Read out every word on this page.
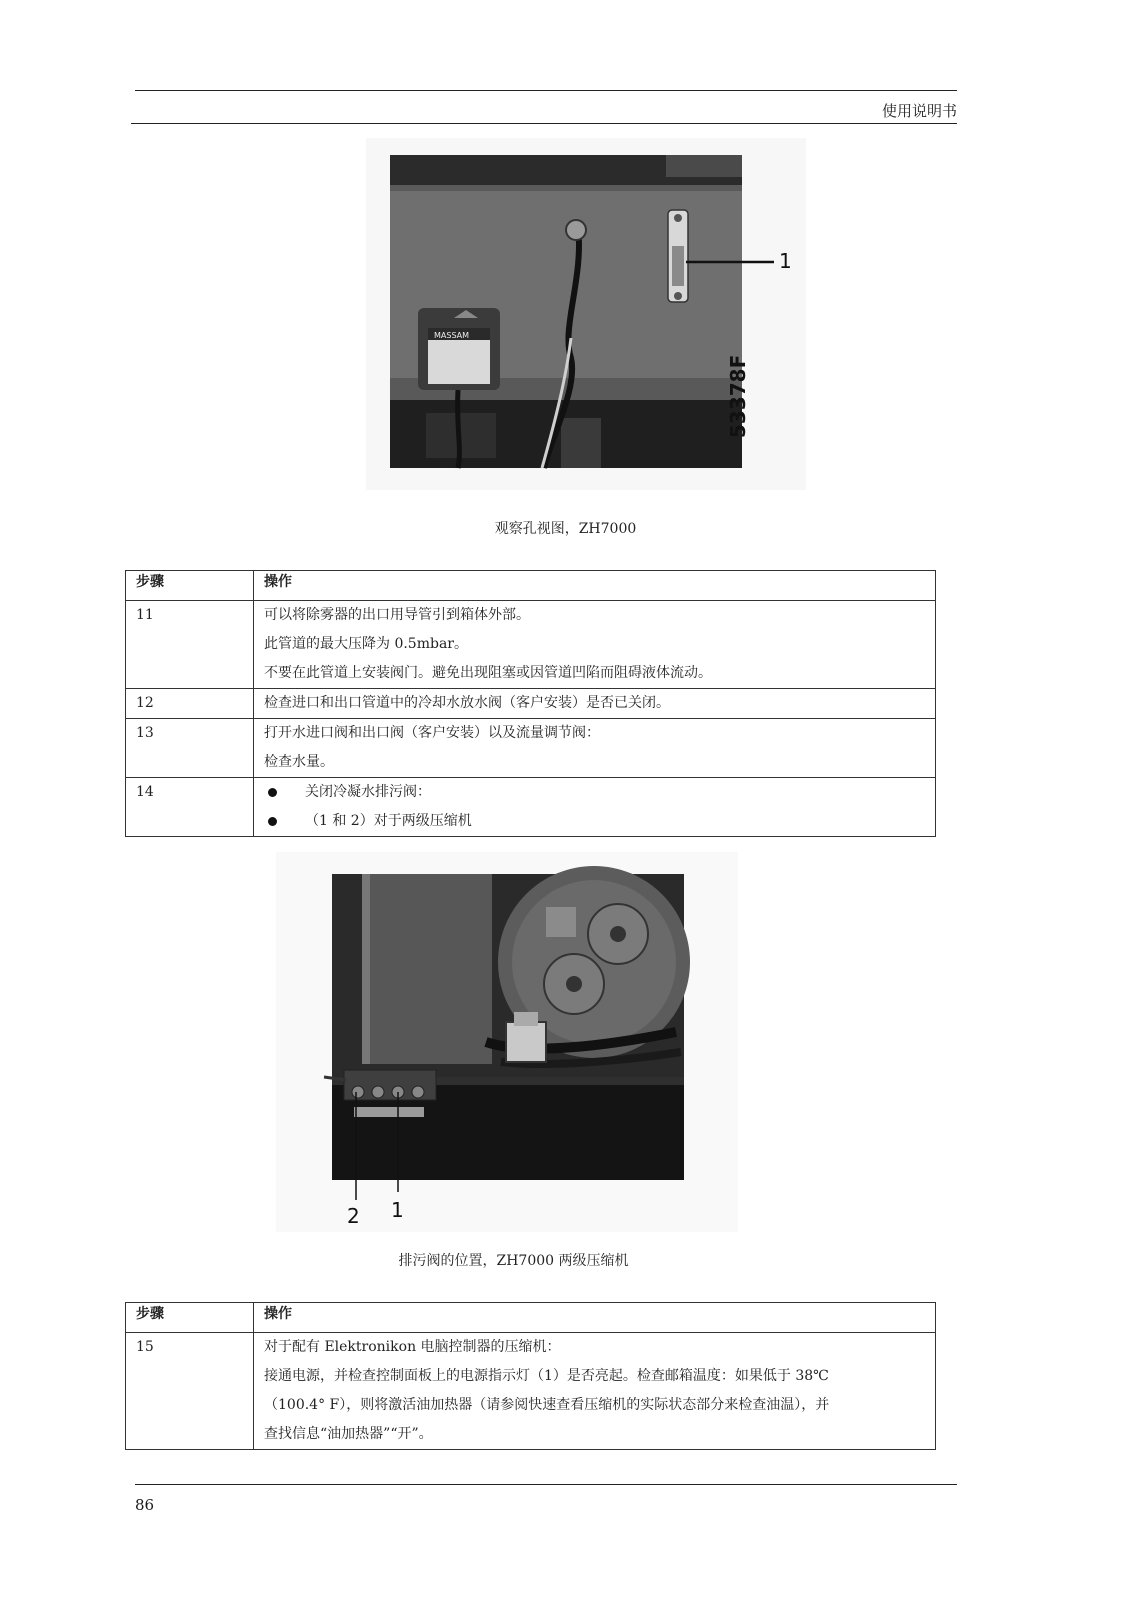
使用说明书
MASSAM
1
53378F
观察孔视图，ZH7000
步骤	操作

11	可以将除雾器的出口用导管引到箱体外部。
此管道的最大压降为 0.5mbar。
不要在此管道上安装阀门。避免出现阻塞或因管道凹陷而阻碍液体流动。

12	检查进口和出口管道中的冷却水放水阀（客户安装）是否已关闭。

13	打开水进口阀和出口阀（客户安装）以及流量调节阀：
检查水量。

14	关闭冷凝水排污阀：
（1 和 2）对于两级压缩机
2 1
排污阀的位置，ZH7000 两级压缩机
步骤	操作

15	对于配有 Elektronikon 电脑控制器的压缩机：
接通电源，并检查控制面板上的电源指示灯（1）是否亮起。检查邮箱温度：如果低于 38℃
（100.4° F），则将激活油加热器（请参阅快速查看压缩机的实际状态部分来检查油温），并
查找信息“油加热器”“开”。
86
